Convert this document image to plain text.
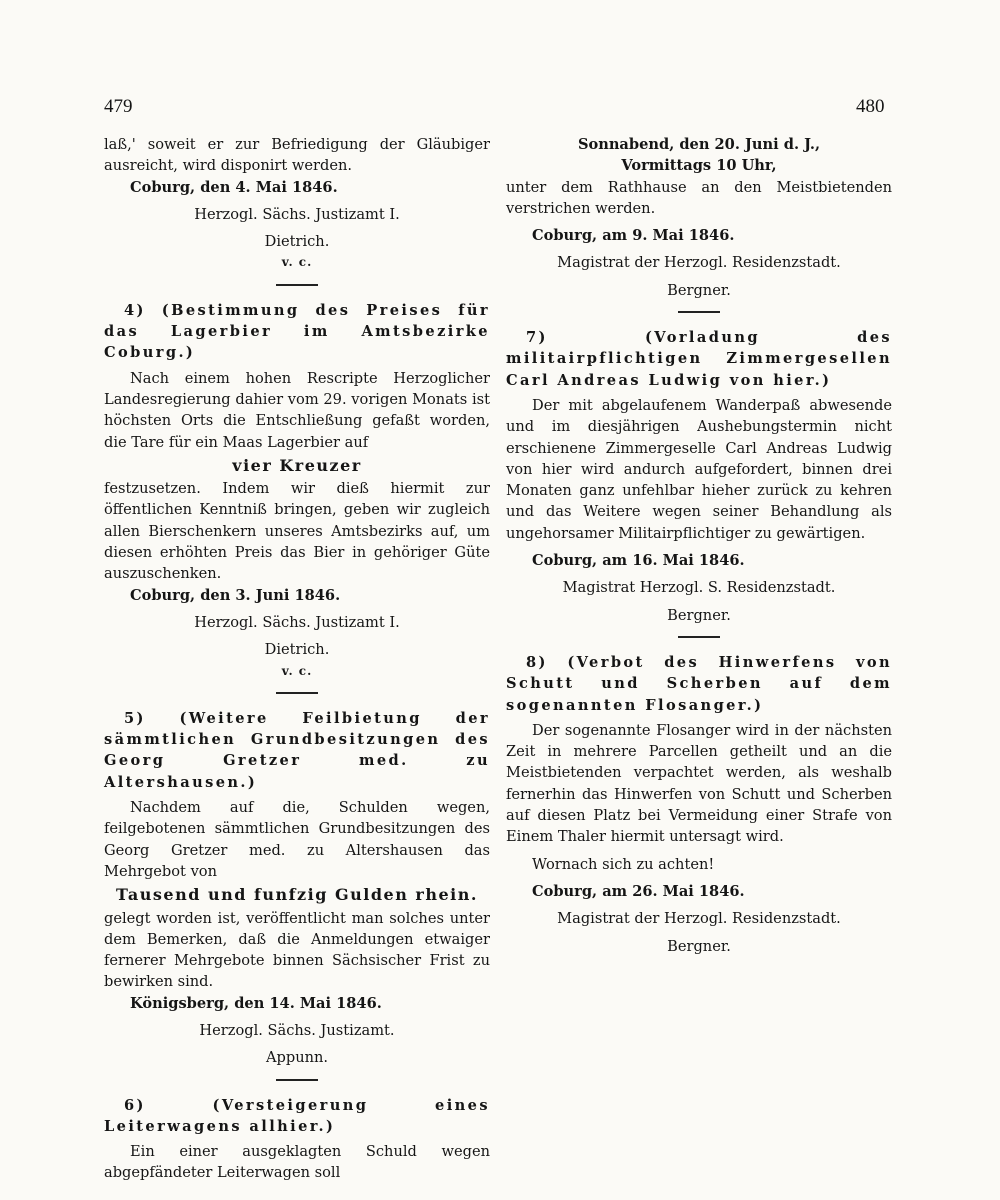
479	480

laß,' soweit er zur Befriedigung der Gläubiger ausreicht, wird disponirt werden.

Coburg, den 4. Mai 1846.

Herzogl. Sächs. Justizamt I.

Dietrich.

v. c.

4) (Bestimmung des Preises für das Lagerbier im Amtsbezirke Coburg.)

Nach einem hohen Rescripte Herzoglicher Landesregierung dahier vom 29. vorigen Monats ist höchsten Orts die Entschließung gefaßt worden, die Tare für ein Maas Lagerbier auf

vier Kreuzer

festzusetzen. Indem wir dieß hiermit zur öffentlichen Kenntniß bringen, geben wir zugleich allen Bierschenkern unseres Amtsbezirks auf, um diesen erhöhten Preis das Bier in gehöriger Güte auszuschenken.

Coburg, den 3. Juni 1846.

Herzogl. Sächs. Justizamt I.

Dietrich.

v. c.

5) (Weitere Feilbietung der sämmtlichen Grundbesitzungen des Georg Gretzer med. zu Altershausen.)

Nachdem auf die, Schulden wegen, feilgebotenen sämmtlichen Grundbesitzungen des Georg Gretzer med. zu Altershausen das Mehrgebot von

Tausend und funfzig Gulden rhein.

gelegt worden ist, veröffentlicht man solches unter dem Bemerken, daß die Anmeldungen etwaiger fernerer Mehrgebote binnen Sächsischer Frist zu bewirken sind.

Königsberg, den 14. Mai 1846.

Herzogl. Sächs. Justizamt.

Appunn.

6) (Versteigerung eines Leiterwagens allhier.)

Ein einer ausgeklagten Schuld wegen abgepfändeter Leiterwagen soll

Sonnabend, den 20. Juni d. J.,

Vormittags 10 Uhr,

unter dem Rathhause an den Meistbietenden verstrichen werden.

Coburg, am 9. Mai 1846.

Magistrat der Herzogl. Residenzstadt.

Bergner.

7) (Vorladung des militairpflichtigen Zimmergesellen Carl Andreas Ludwig von hier.)

Der mit abgelaufenem Wanderpaß abwesende und im diesjährigen Aushebungstermin nicht erschienene Zimmergeselle Carl Andreas Ludwig von hier wird andurch aufgefordert, binnen drei Monaten ganz unfehlbar hieher zurück zu kehren und das Weitere wegen seiner Behandlung als ungehorsamer Militairpflichtiger zu gewärtigen.

Coburg, am 16. Mai 1846.

Magistrat Herzogl. S. Residenzstadt.

Bergner.

8) (Verbot des Hinwerfens von Schutt und Scherben auf dem sogenannten Flosanger.)

Der sogenannte Flosanger wird in der nächsten Zeit in mehrere Parcellen getheilt und an die Meistbietenden verpachtet werden, als weshalb fernerhin das Hinwerfen von Schutt und Scherben auf diesen Platz bei Vermeidung einer Strafe von Einem Thaler hiermit untersagt wird.

Wornach sich zu achten!

Coburg, am 26. Mai 1846.

Magistrat der Herzogl. Residenzstadt.

Bergner.
